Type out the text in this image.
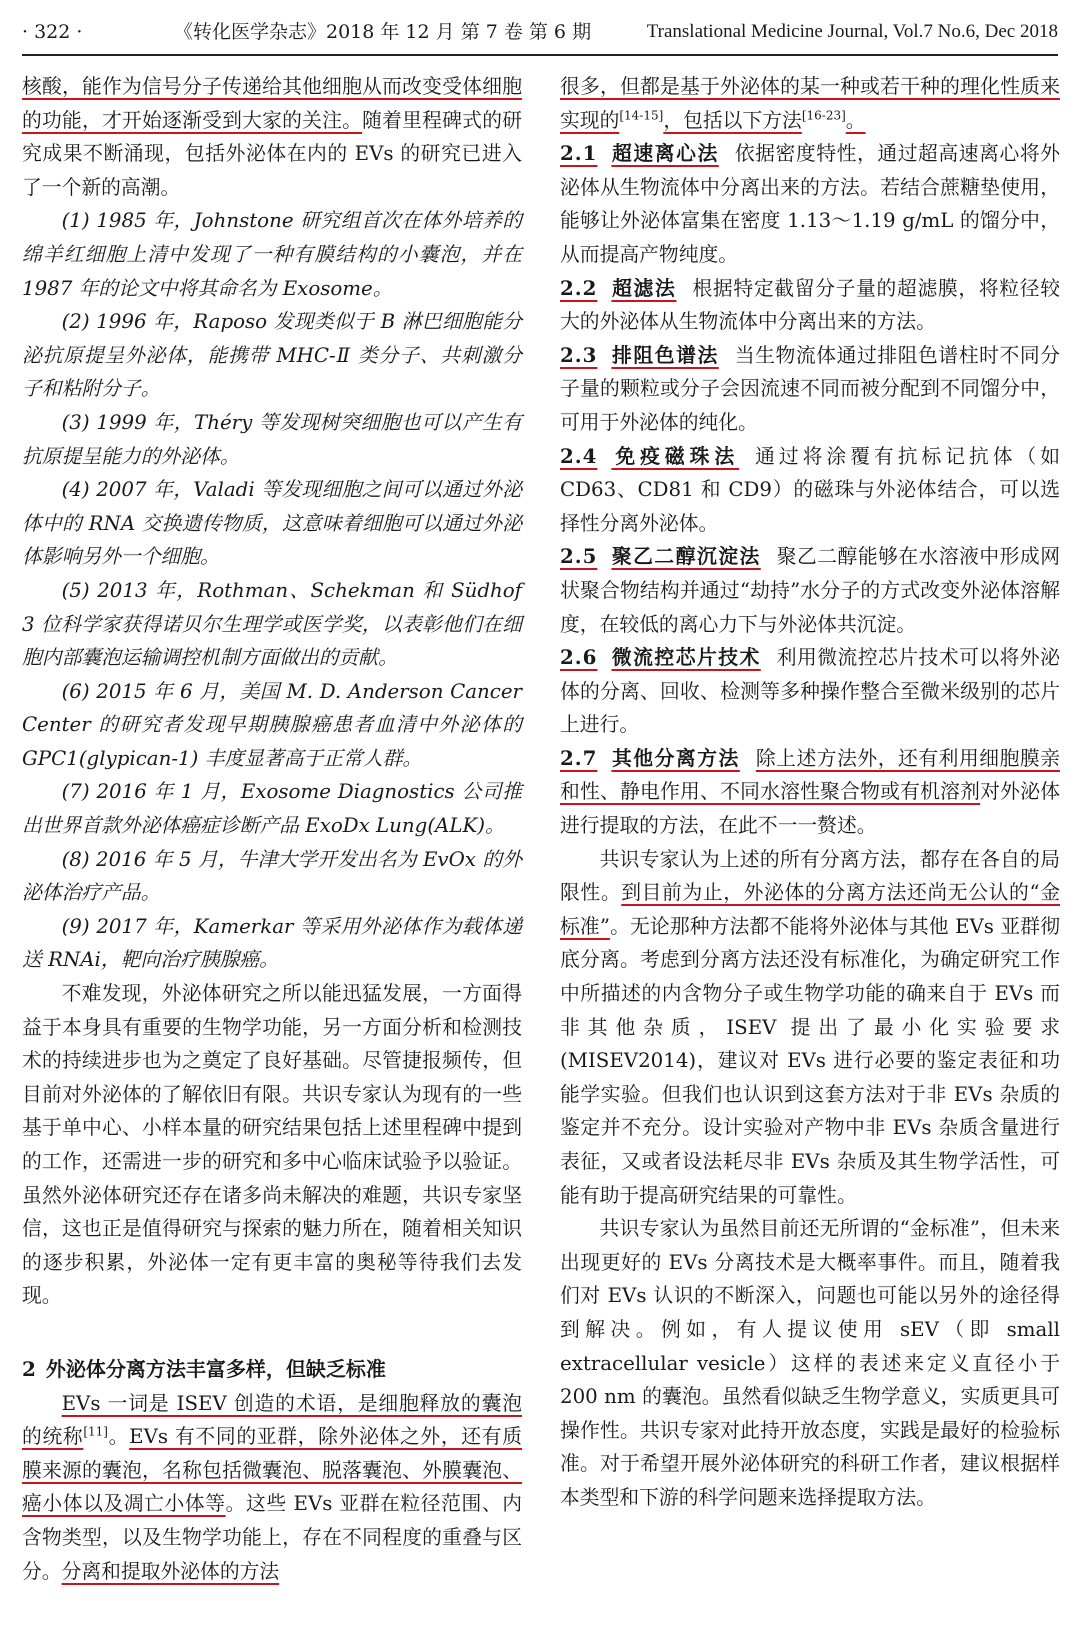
· 322 ·	《转化医学杂志》2018 年 12 月 第 7 卷 第 6 期	Translational Medicine Journal, Vol.7 No.6, Dec 2018

核酸，能作为信号分子传递给其他细胞从而改变受体细胞的功能，才开始逐渐受到大家的关注。随着里程碑式的研究成果不断涌现，包括外泌体在内的 EVs 的研究已进入了一个新的高潮。

(1) 1985 年，Johnstone 研究组首次在体外培养的绵羊红细胞上清中发现了一种有膜结构的小囊泡，并在 1987 年的论文中将其命名为 Exosome。

(2) 1996 年，Raposo 发现类似于 B 淋巴细胞能分泌抗原提呈外泌体，能携带 MHC-Ⅱ 类分子、共刺激分子和粘附分子。

(3) 1999 年，Théry 等发现树突细胞也可以产生有抗原提呈能力的外泌体。

(4) 2007 年，Valadi 等发现细胞之间可以通过外泌体中的 RNA 交换遗传物质，这意味着细胞可以通过外泌体影响另外一个细胞。

(5) 2013 年，Rothman、Schekman 和 Südhof 3 位科学家获得诺贝尔生理学或医学奖，以表彰他们在细胞内部囊泡运输调控机制方面做出的贡献。

(6) 2015 年 6 月，美国 M. D. Anderson Cancer Center 的研究者发现早期胰腺癌患者血清中外泌体的 GPC1(glypican-1) 丰度显著高于正常人群。

(7) 2016 年 1 月，Exosome Diagnostics 公司推出世界首款外泌体癌症诊断产品 ExoDx Lung(ALK)。

(8) 2016 年 5 月，牛津大学开发出名为 EvOx 的外泌体治疗产品。

(9) 2017 年，Kamerkar 等采用外泌体作为载体递送 RNAi，靶向治疗胰腺癌。

不难发现，外泌体研究之所以能迅猛发展，一方面得益于本身具有重要的生物学功能，另一方面分析和检测技术的持续进步也为之奠定了良好基础。尽管捷报频传，但目前对外泌体的了解依旧有限。共识专家认为现有的一些基于单中心、小样本量的研究结果包括上述里程碑中提到的工作，还需进一步的研究和多中心临床试验予以验证。虽然外泌体研究还存在诸多尚未解决的难题，共识专家坚信，这也正是值得研究与探索的魅力所在，随着相关知识的逐步积累，外泌体一定有更丰富的奥秘等待我们去发现。

2 外泌体分离方法丰富多样，但缺乏标准

EVs 一词是 ISEV 创造的术语，是细胞释放的囊泡的统称[11]。EVs 有不同的亚群，除外泌体之外，还有质膜来源的囊泡，名称包括微囊泡、脱落囊泡、外膜囊泡、癌小体以及凋亡小体等。这些 EVs 亚群在粒径范围、内含物类型，以及生物学功能上，存在不同程度的重叠与区分。分离和提取外泌体的方法

很多，但都是基于外泌体的某一种或若干种的理化性质来实现的[14-15]，包括以下方法[16-23]。

2.1 超速离心法 依据密度特性，通过超高速离心将外泌体从生物流体中分离出来的方法。若结合蔗糖垫使用，能够让外泌体富集在密度 1.13～1.19 g/mL 的馏分中，从而提高产物纯度。

2.2 超滤法 根据特定截留分子量的超滤膜，将粒径较大的外泌体从生物流体中分离出来的方法。

2.3 排阻色谱法 当生物流体通过排阻色谱柱时不同分子量的颗粒或分子会因流速不同而被分配到不同馏分中，可用于外泌体的纯化。

2.4 免疫磁珠法 通过将涂覆有抗标记抗体（如 CD63、CD81 和 CD9）的磁珠与外泌体结合，可以选择性分离外泌体。

2.5 聚乙二醇沉淀法 聚乙二醇能够在水溶液中形成网状聚合物结构并通过“劫持”水分子的方式改变外泌体溶解度，在较低的离心力下与外泌体共沉淀。

2.6 微流控芯片技术 利用微流控芯片技术可以将外泌体的分离、回收、检测等多种操作整合至微米级别的芯片上进行。

2.7 其他分离方法 除上述方法外，还有利用细胞膜亲和性、静电作用、不同水溶性聚合物或有机溶剂对外泌体进行提取的方法，在此不一一赘述。

共识专家认为上述的所有分离方法，都存在各自的局限性。到目前为止，外泌体的分离方法还尚无公认的“金标准”。无论那种方法都不能将外泌体与其他 EVs 亚群彻底分离。考虑到分离方法还没有标准化，为确定研究工作中所描述的内含物分子或生物学功能的确来自于 EVs 而非其他杂质，ISEV 提出了最小化实验要求(MISEV2014)，建议对 EVs 进行必要的鉴定表征和功能学实验。但我们也认识到这套方法对于非 EVs 杂质的鉴定并不充分。设计实验对产物中非 EVs 杂质含量进行表征，又或者设法耗尽非 EVs 杂质及其生物学活性，可能有助于提高研究结果的可靠性。

共识专家认为虽然目前还无所谓的“金标准”，但未来出现更好的 EVs 分离技术是大概率事件。而且，随着我们对 EVs 认识的不断深入，问题也可能以另外的途径得到解决。例如，有人提议使用 sEV（即 small extracellular vesicle）这样的表述来定义直径小于 200 nm 的囊泡。虽然看似缺乏生物学意义，实质更具可操作性。共识专家对此持开放态度，实践是最好的检验标准。对于希望开展外泌体研究的科研工作者，建议根据样本类型和下游的科学问题来选择提取方法。
